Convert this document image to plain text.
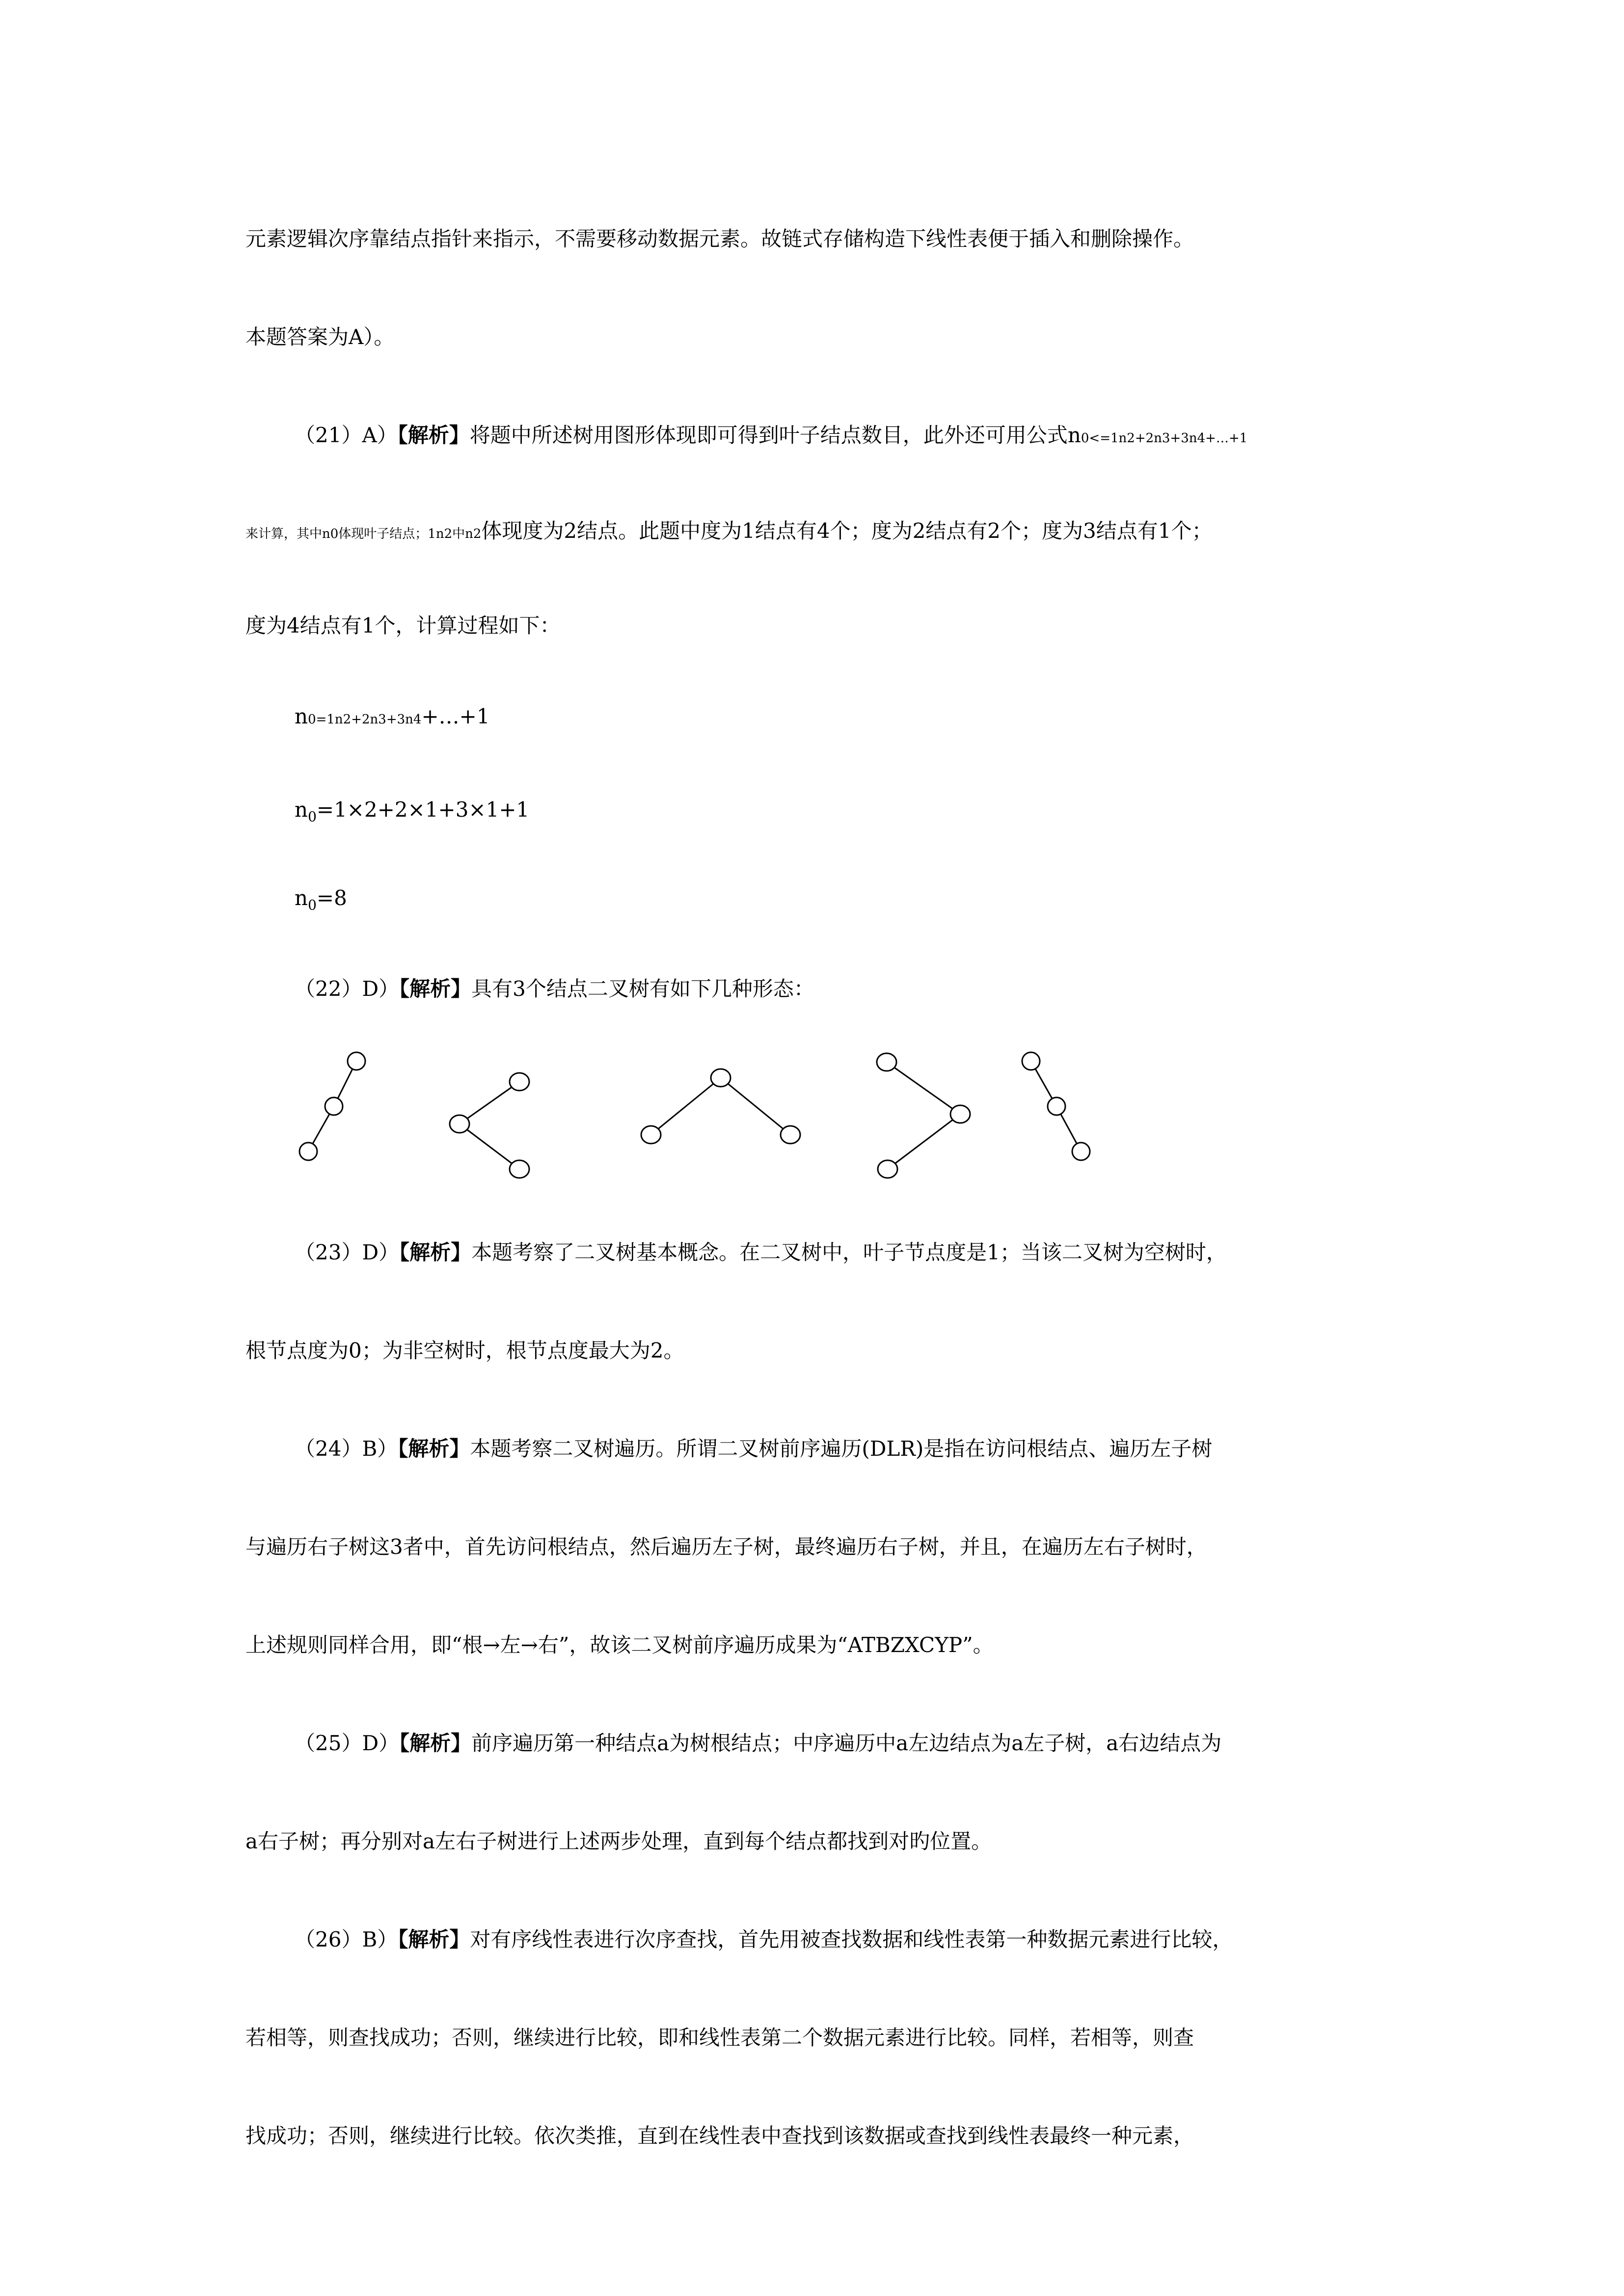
元素逻辑次序靠结点指针来指示，不需要移动数据元素。故链式存储构造下线性表便于插入和删除操作。

本题答案为A）。

（21）A）【解析】将题中所述树用图形体现即可得到叶子结点数目，此外还可用公式n0<=1n2+2n3+3n4+…+1

来计算，其中n0体现叶子结点；1n2中n2体现度为2结点。此题中度为1结点有4个；度为2结点有2个；度为3结点有1个；

度为4结点有1个，计算过程如下：

n0=1n2+2n3+3n4+…+1

$n_0=1\times 2+2\times 1+3\times 1+1$

$n_0=8$

（22）D）【解析】具有3个结点二叉树有如下几种形态：

（23）D）【解析】本题考察了二叉树基本概念。在二叉树中，叶子节点度是1；当该二叉树为空树时，

根节点度为0；为非空树时，根节点度最大为2。

（24）B）【解析】本题考察二叉树遍历。所谓二叉树前序遍历(DLR)是指在访问根结点、遍历左子树

与遍历右子树这3者中，首先访问根结点，然后遍历左子树，最终遍历右子树，并且，在遍历左右子树时，

上述规则同样合用，即“根→左→右”，故该二叉树前序遍历成果为“ATBZXCYP”。

（25）D）【解析】前序遍历第一种结点a为树根结点；中序遍历中a左边结点为a左子树，a右边结点为

a右子树；再分别对a左右子树进行上述两步处理，直到每个结点都找到对旳位置。

（26）B）【解析】对有序线性表进行次序查找，首先用被查找数据和线性表第一种数据元素进行比较，

若相等，则查找成功；否则，继续进行比较，即和线性表第二个数据元素进行比较。同样，若相等，则查

找成功；否则，继续进行比较。依次类推，直到在线性表中查找到该数据或查找到线性表最终一种元素，
